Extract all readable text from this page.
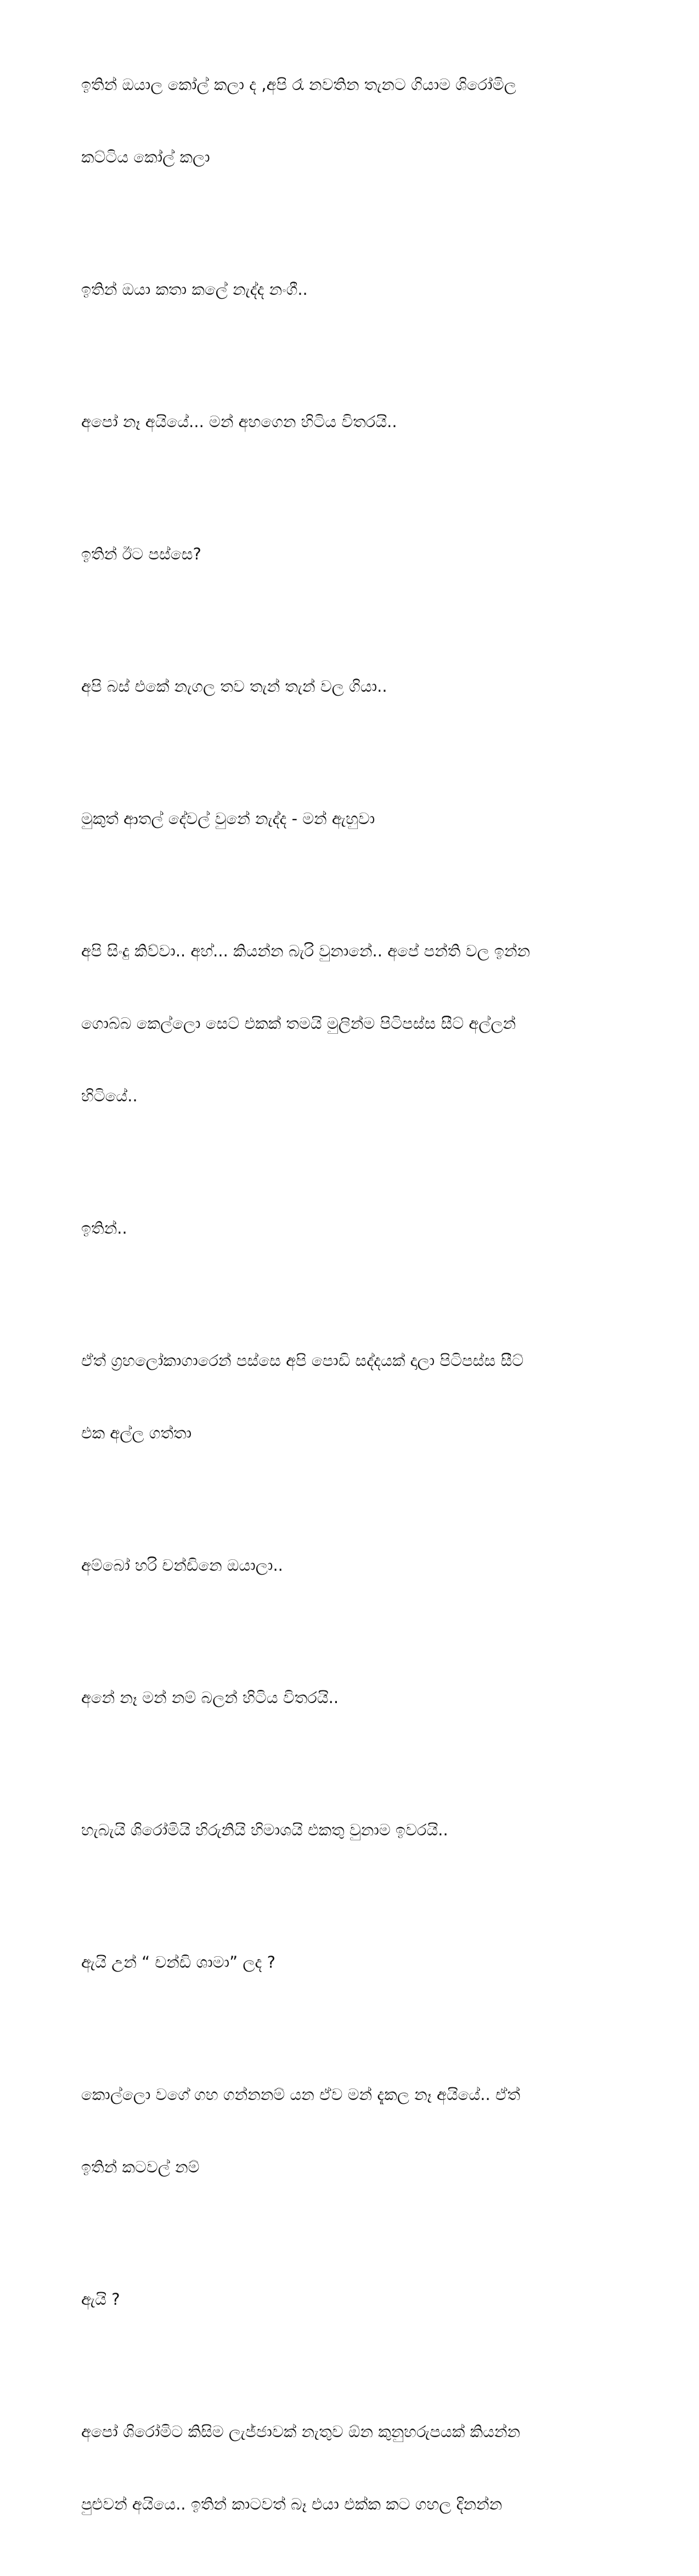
ඉතින් ඔයාල කෝල් කලා ද ,අපි රෑ නවතින තැනට ගියාම ශිරෝමිල

කට්ටිය කෝල් කලා

ඉතින් ඔයා කතා කලේ නැද්ද නංගී..

අපෝ නෑ අයියේ... මන් අහගෙන හිටිය විතරයි..

ඉතින් ඊට පස්සෙ?

අපි බස් එකේ නැගල තව තැන් තැන් වල ගියා..

මුකුත් ආතල් දේවල් වුනේ නැද්ද - මන් ඇහුවා

අපි සිංදු කිව්වා.. අහ්... කියන්න බැරි වුනානේ.. අපේ පන්ති වල ඉන්න

ගොබ්බ කෙල්ලො සෙට් එකක් තමයි මුලින්ම පිටිපස්ස සීට් අල්ලන්

හිටියේ..

ඉතින්..

ඒත් ග්‍රහලෝකාගාරෙන් පස්සෙ අපි පොඩි සද්දයක් දාලා පිටිපස්ස සීට්

එක අල්ල ගත්තා

අම්බෝ හරි චන්ඩිනෙ ඔයාලා..

අනේ නෑ මන් නම් බලන් හිටිය විතරයි..

හැබැයි ශිරෝමියි හිරුනියි හිමාශයි එකතු වුනාම ඉවරයි..

ඇයි උන් “ චන්ඩි ශාමා” ලද ?

කොල්ලො වගේ ගහ ගන්නනම් යන ඒව මන් දැකල නෑ අයියේ.. ඒත්

ඉතින් කටවල් නම්

ඇයි ?

අපෝ ශිරෝමිට කිසිම ලැජ්ජාවක් නැතුව ඕන කුනුහරුපයක් කියන්න

පුළුවන් අයියෙ.. ඉතින් කාටවත් බෑ එයා එක්ක කට ගහල දිනන්න
